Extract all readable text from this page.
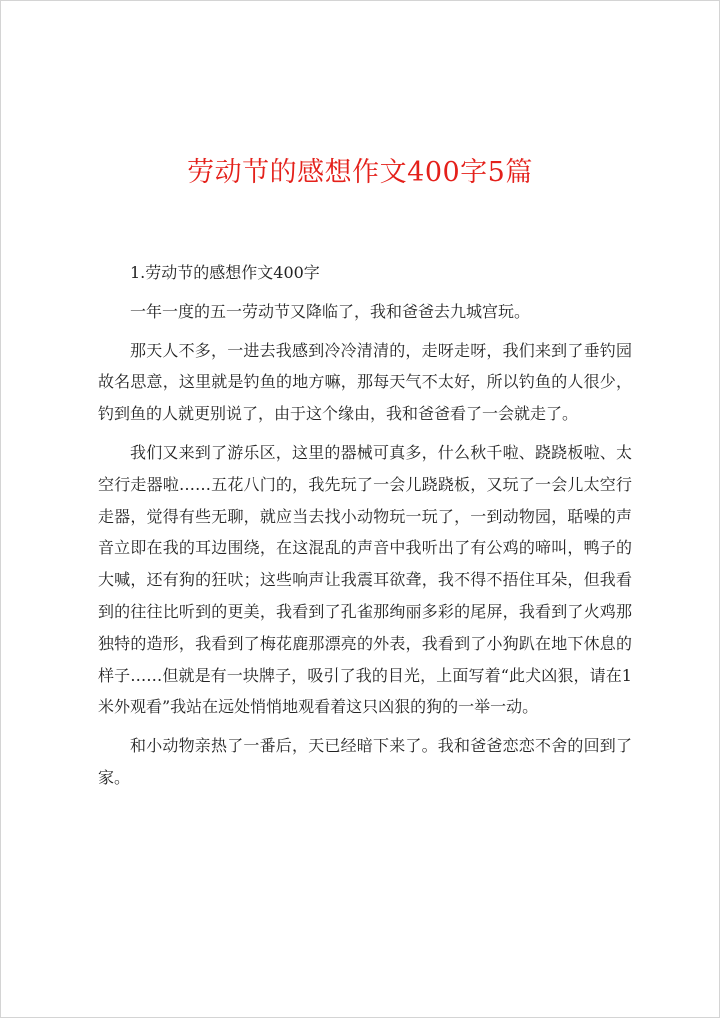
劳动节的感想作文400字5篇

1.劳动节的感想作文400字

一年一度的五一劳动节又降临了，我和爸爸去九城宫玩。

那天人不多，一进去我感到冷冷清清的，走呀走呀，我们来到了垂钓园故名思意，这里就是钓鱼的地方嘛，那每天气不太好，所以钓鱼的人很少，钓到鱼的人就更别说了，由于这个缘由，我和爸爸看了一会就走了。

我们又来到了游乐区，这里的器械可真多，什么秋千啦、跷跷板啦、太空行走器啦……五花八门的，我先玩了一会儿跷跷板，又玩了一会儿太空行走器，觉得有些无聊，就应当去找小动物玩一玩了，一到动物园，聒噪的声音立即在我的耳边围绕，在这混乱的声音中我听出了有公鸡的啼叫，鸭子的大喊，还有狗的狂吠；这些响声让我震耳欲聋，我不得不捂住耳朵，但我看到的往往比听到的更美，我看到了孔雀那绚丽多彩的尾屏，我看到了火鸡那独特的造形，我看到了梅花鹿那漂亮的外表，我看到了小狗趴在地下休息的样子……但就是有一块牌子，吸引了我的目光，上面写着“此犬凶狠，请在1米外观看”我站在远处悄悄地观看着这只凶狠的狗的一举一动。

和小动物亲热了一番后，天已经暗下来了。我和爸爸恋恋不舍的回到了家。
